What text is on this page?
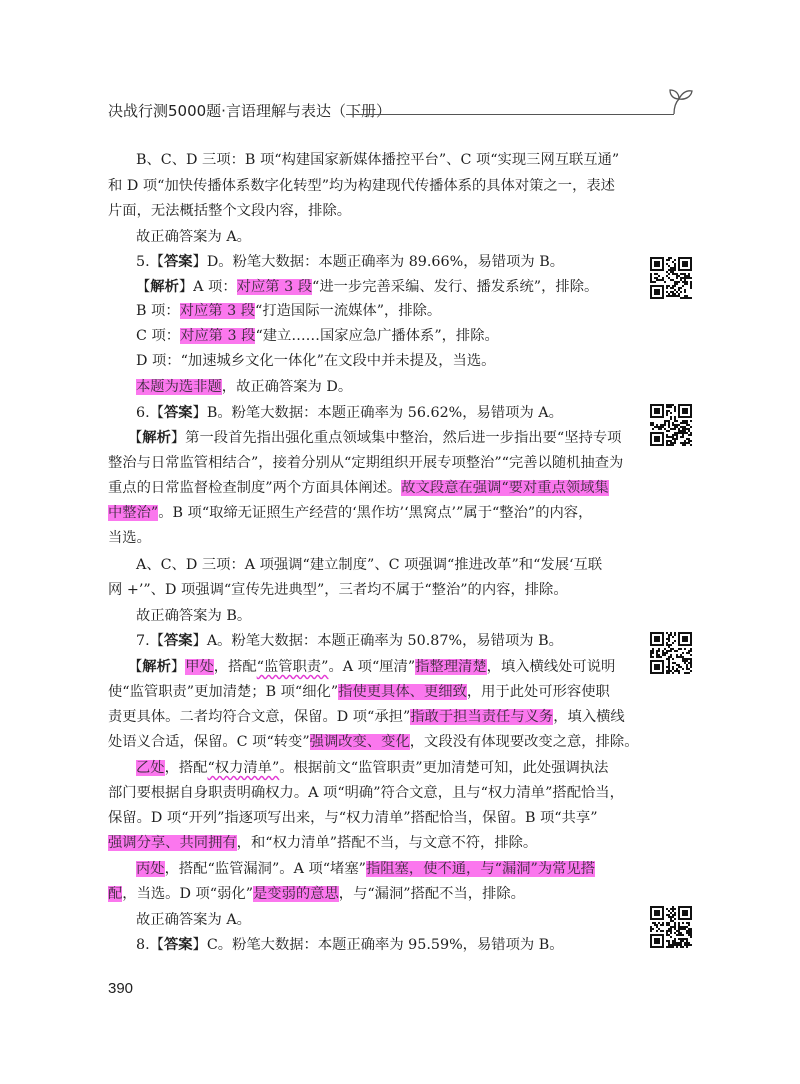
决战行测5000题·言语理解与表达（下册）
B、C、D 三项：B 项“构建国家新媒体播控平台”、C 项“实现三网互联互通”
和 D 项“加快传播体系数字化转型”均为构建现代传播体系的具体对策之一，表述
片面，无法概括整个文段内容，排除。
故正确答案为 A。
5.【答案】D。粉笔大数据：本题正确率为 89.66%，易错项为 B。
【解析】A 项：对应第 3 段“进一步完善采编、发行、播发系统”，排除。
B 项：对应第 3 段“打造国际一流媒体”，排除。
C 项：对应第 3 段“建立……国家应急广播体系”，排除。
D 项：“加速城乡文化一体化”在文段中并未提及，当选。
本题为选非题，故正确答案为 D。
6.【答案】B。粉笔大数据：本题正确率为 56.62%，易错项为 A。
【解析】第一段首先指出强化重点领域集中整治，然后进一步指出要“坚持专项
整治与日常监管相结合”，接着分别从“定期组织开展专项整治”“完善以随机抽查为
重点的日常监督检查制度”两个方面具体阐述。故文段意在强调“要对重点领域集
中整治”。B 项“取缔无证照生产经营的‘黑作坊’‘黑窝点’”属于“整治”的内容，
当选。
A、C、D 三项：A 项强调“建立制度”、C 项强调“推进改革”和“发展‘互联
网 +’”、D 项强调“宣传先进典型”，三者均不属于“整治”的内容，排除。
故正确答案为 B。
7.【答案】A。粉笔大数据：本题正确率为 50.87%，易错项为 B。
【解析】甲处，搭配“监管职责”。A 项“厘清”指整理清楚，填入横线处可说明
使“监管职责”更加清楚；B 项“细化”指使更具体、更细致，用于此处可形容使职
责更具体。二者均符合文意，保留。D 项“承担”指敢于担当责任与义务，填入横线
处语义合适，保留。C 项“转变”强调改变、变化，文段没有体现要改变之意，排除。
乙处，搭配“权力清单”。根据前文“监管职责”更加清楚可知，此处强调执法
部门要根据自身职责明确权力。A 项“明确”符合文意，且与“权力清单”搭配恰当，
保留。D 项“开列”指逐项写出来，与“权力清单”搭配恰当，保留。B 项“共享”
强调分享、共同拥有，和“权力清单”搭配不当，与文意不符，排除。
丙处，搭配“监管漏洞”。A 项“堵塞”指阻塞，使不通，与“漏洞”为常见搭
配，当选。D 项“弱化”是变弱的意思，与“漏洞”搭配不当，排除。
故正确答案为 A。
8.【答案】C。粉笔大数据：本题正确率为 95.59%，易错项为 B。
390
